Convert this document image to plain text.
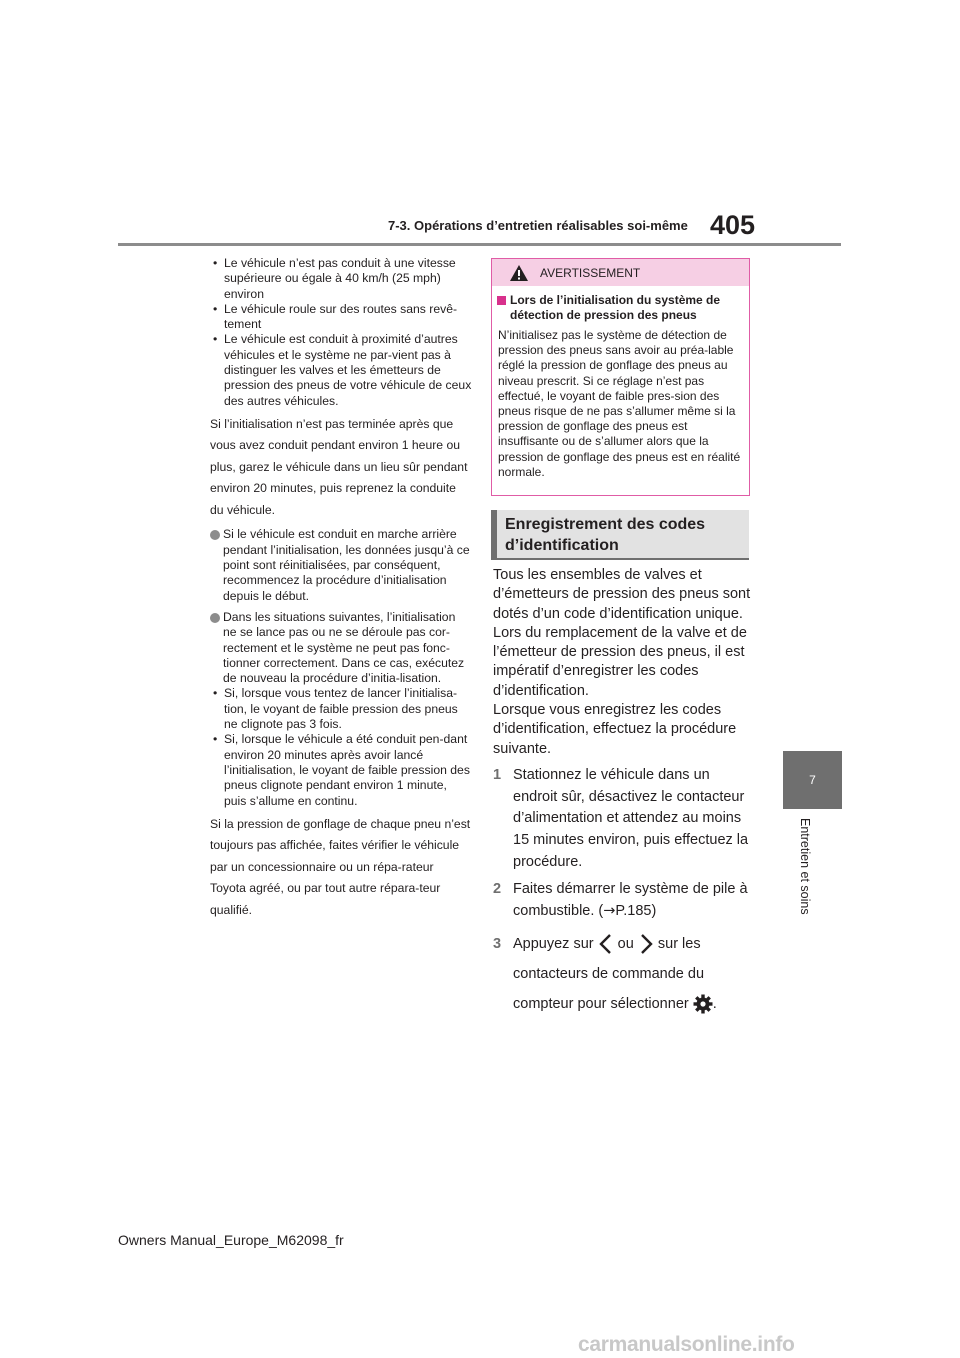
7-3. Opérations d’entretien réalisables soi-même 405
7
Entretien et soins
• Le véhicule n’est pas conduit à une vitesse supérieure ou égale à 40 km/h (25 mph) environ
• Le véhicule roule sur des routes sans revê-tement
• Le véhicule est conduit à proximité d’autres véhicules et le système ne par-vient pas à distinguer les valves et les émetteurs de pression des pneus de votre véhicule de ceux des autres véhicules.
Si l’initialisation n’est pas terminée après que vous avez conduit pendant environ 1 heure ou plus, garez le véhicule dans un lieu sûr pendant environ 20 minutes, puis reprenez la conduite du véhicule.
Si le véhicule est conduit en marche arrière pendant l’initialisation, les données jusqu’à ce point sont réinitialisées, par conséquent, recommencez la procédure d’initialisation depuis le début.
Dans les situations suivantes, l’initialisation ne se lance pas ou ne se déroule pas cor-rectement et le système ne peut pas fonc-tionner correctement. Dans ce cas, exécutez de nouveau la procédure d’initia-lisation.
• Si, lorsque vous tentez de lancer l’initialisa-tion, le voyant de faible pression des pneus ne clignote pas 3 fois.
• Si, lorsque le véhicule a été conduit pen-dant environ 20 minutes après avoir lancé l’initialisation, le voyant de faible pression des pneus clignote pendant environ 1 minute, puis s’allume en continu.
Si la pression de gonflage de chaque pneu n’est toujours pas affichée, faites vérifier le véhicule par un concessionnaire ou un répa-rateur Toyota agréé, ou par tout autre répara-teur qualifié.
AVERTISSEMENT
Lors de l’initialisation du système de détection de pression des pneus
N’initialisez pas le système de détection de pression des pneus sans avoir au préa-lable réglé la pression de gonflage des pneus au niveau prescrit. Si ce réglage n’est pas effectué, le voyant de faible pres-sion des pneus risque de ne pas s’allumer même si la pression de gonflage des pneus est insuffisante ou de s’allumer alors que la pression de gonflage des pneus est en réalité normale.
Enregistrement des codes d’identification
Tous les ensembles de valves et d’émetteurs de pression des pneus sont dotés d’un code d’identification unique. Lors du remplacement de la valve et de l’émetteur de pression des pneus, il est impératif d’enregistrer les codes d’identification.
Lorsque vous enregistrez les codes d’identification, effectuez la procédure suivante.
1 Stationnez le véhicule dans un endroit sûr, désactivez le contacteur d’alimentation et attendez au moins 15 minutes environ, puis effectuez la procédure.
2 Faites démarrer le système de pile à combustible. (→P.185)
3 Appuyez sur ou sur les contacteurs de commande du compteur pour sélectionner .
Owners Manual_Europe_M62098_fr
carmanualsonline.info
